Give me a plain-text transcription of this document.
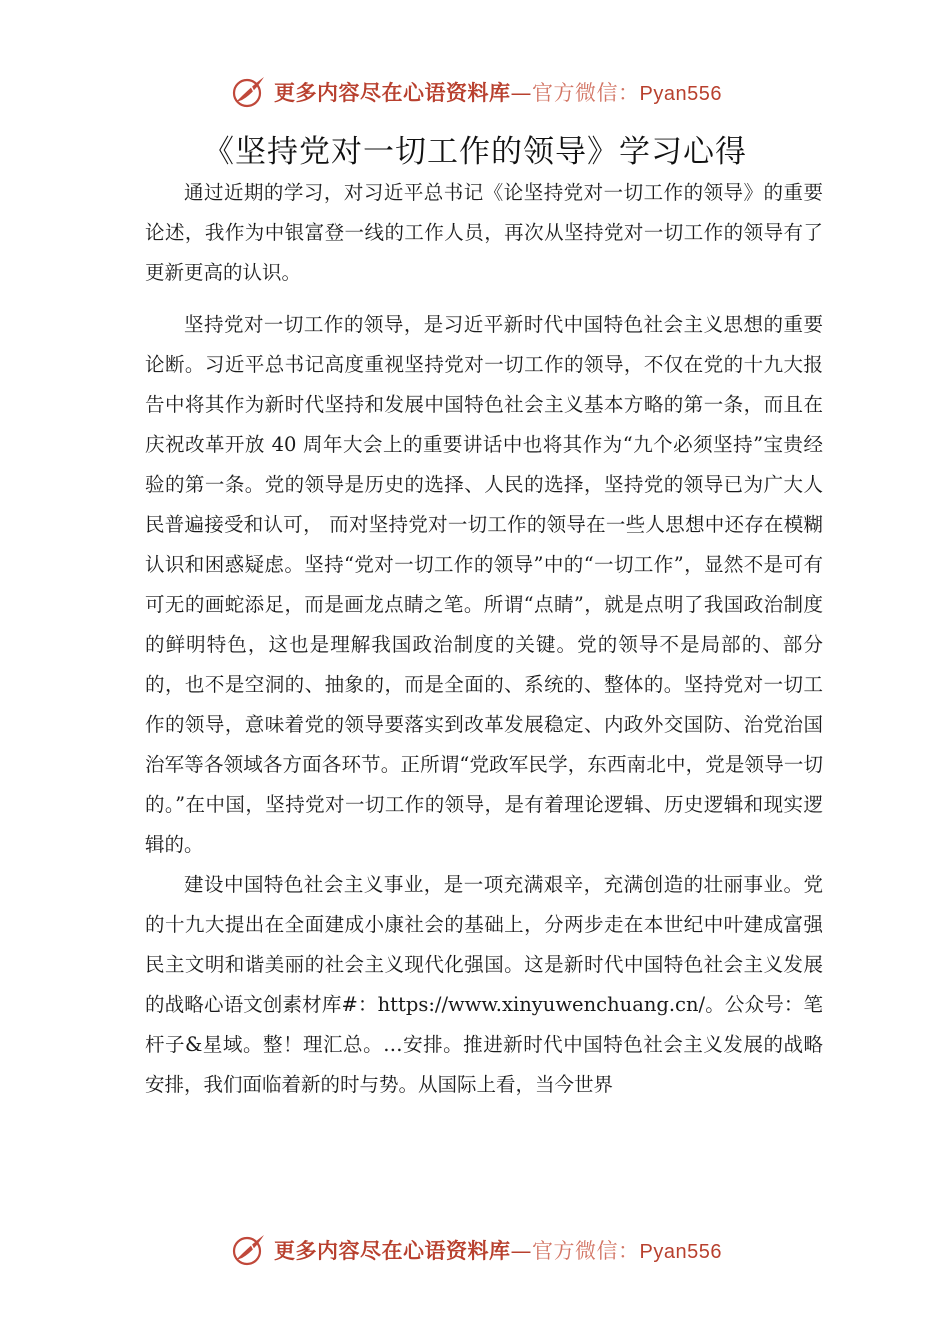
更多内容尽在心语资料库—官方微信：Pyan556
《坚持党对一切工作的领导》学习心得

通过近期的学习，对习近平总书记《论坚持党对一切工作的领导》的重要论述，我作为中银富登一线的工作人员，再次从坚持党对一切工作的领导有了更新更高的认识。

坚持党对一切工作的领导，是习近平新时代中国特色社会主义思想的重要论断。习近平总书记高度重视坚持党对一切工作的领导，不仅在党的十九大报告中将其作为新时代坚持和发展中国特色社会主义基本方略的第一条，而且在庆祝改革开放 40 周年大会上的重要讲话中也将其作为“九个必须坚持”宝贵经验的第一条。党的领导是历史的选择、人民的选择，坚持党的领导已为广大人民普遍接受和认可， 而对坚持党对一切工作的领导在一些人思想中还存在模糊认识和困惑疑虑。坚持“党对一切工作的领导”中的“一切工作”，显然不是可有可无的画蛇添足，而是画龙点睛之笔。所谓“点睛”，就是点明了我国政治制度的鲜明特色，这也是理解我国政治制度的关键。党的领导不是局部的、部分的，也不是空洞的、抽象的，而是全面的、系统的、整体的。坚持党对一切工作的领导，意味着党的领导要落实到改革发展稳定、内政外交国防、治党治国治军等各领域各方面各环节。正所谓“党政军民学，东西南北中，党是领导一切的。”在中国，坚持党对一切工作的领导，是有着理论逻辑、历史逻辑和现实逻辑的。

建设中国特色社会主义事业，是一项充满艰辛，充满创造的壮丽事业。党的十九大提出在全面建成小康社会的基础上，分两步走在本世纪中叶建成富强民主文明和谐美丽的社会主义现代化强国。这是新时代中国特色社会主义发展的战略心语文创素材库#：https://www.xinyuwenchuang.cn/。公众号：笔杆子&星域。整！理汇总。…安排。推进新时代中国特色社会主义发展的战略安排，我们面临着新的时与势。从国际上看，当今世界

更多内容尽在心语资料库—官方微信：Pyan556
